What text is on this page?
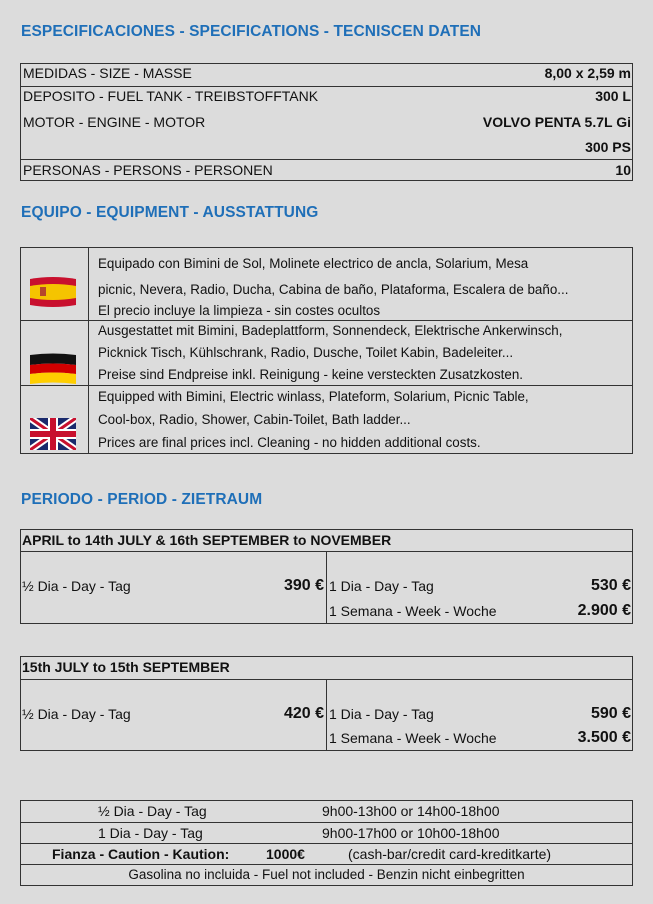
ESPECIFICACIONES - SPECIFICATIONS - TECNISCEN DATEN
MEDIDAS - SIZE - MASSE	8,00 x 2,59 m
DEPOSITO - FUEL TANK - TREIBSTOFFTANK	300 L
MOTOR - ENGINE - MOTOR	VOLVO PENTA 5.7L Gi
300 PS
PERSONAS - PERSONS - PERSONEN	10
EQUIPO - EQUIPMENT - AUSSTATTUNG
Equipado con Bimini de Sol, Molinete electrico de ancla, Solarium, Mesa
picnic, Nevera, Radio, Ducha, Cabina de baño, Plataforma, Escalera de baño...
El precio incluye la limpieza - sin costes ocultos
Ausgestattet mit Bimini, Badeplattform, Sonnendeck, Elektrische Ankerwinsch,
Picknick Tisch, Kühlschrank, Radio, Dusche, Toilet Kabin, Badeleiter...
Preise sind Endpreise inkl. Reinigung - keine versteckten Zusatzkosten.
Equipped with Bimini, Electric winlass, Plateform, Solarium, Picnic Table,
Cool-box, Radio, Shower, Cabin-Toilet, Bath ladder...
Prices are final prices incl. Cleaning - no hidden additional costs.
PERIODO - PERIOD - ZIETRAUM
APRIL to 14th JULY & 16th SEPTEMBER to NOVEMBER
½ Dia - Day - Tag	390 € 1 Dia - Day - Tag	530 €
1 Semana - Week - Woche	2.900 €
15th JULY to 15th SEPTEMBER
½ Dia - Day - Tag	420 € 1 Dia - Day - Tag	590 €
1 Semana - Week - Woche	3.500 €
½ Dia - Day - Tag	9h00-13h00 or 14h00-18h00
1 Dia - Day - Tag	9h00-17h00 or 10h00-18h00
Fianza - Caution - Kaution:	1000€	(cash-bar/credit card-kreditkarte)
Gasolina no incluida - Fuel not included - Benzin nicht einbegritten
